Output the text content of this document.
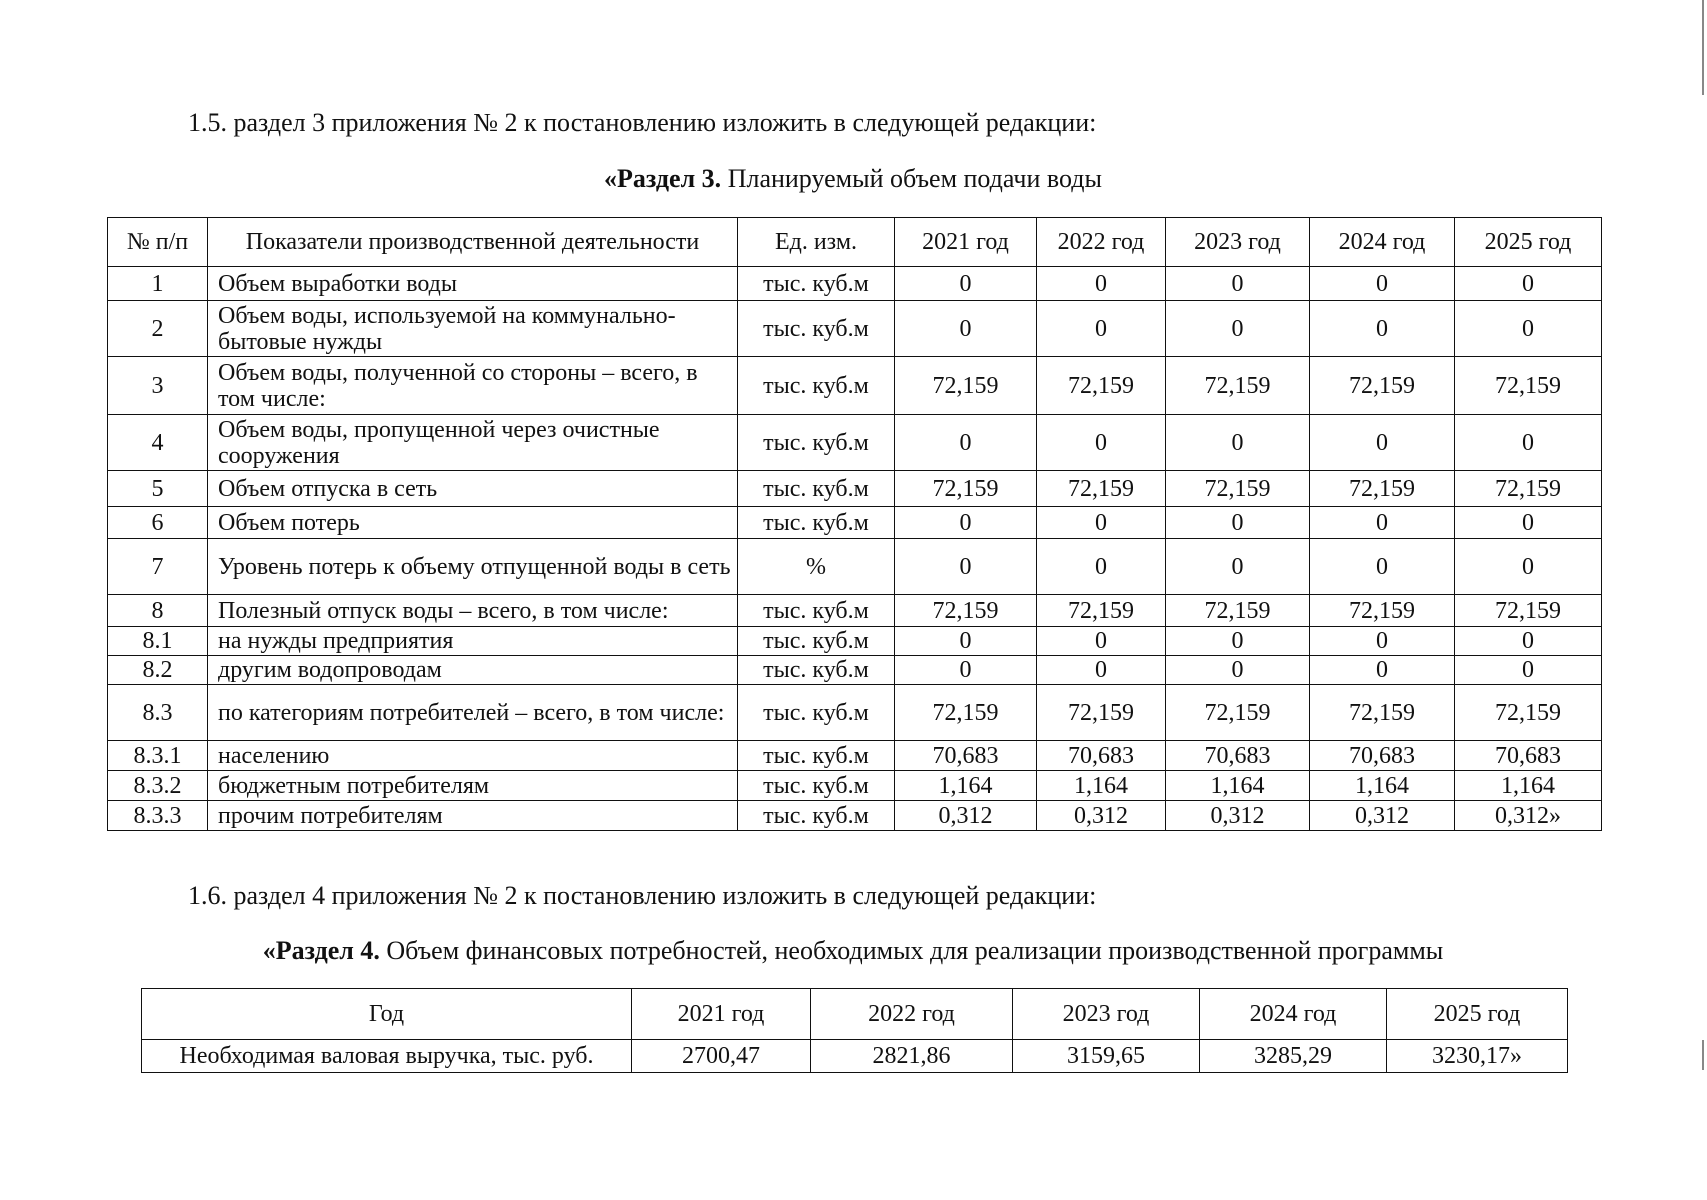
1.5. раздел 3 приложения № 2 к постановлению изложить в следующей редакции:
«Раздел 3. Планируемый объем подачи воды
№ п/п	Показатели производственной деятельности	Ед. изм.	2021 год	2022 год	2023 год	2024 год	2025 год
1	Объем выработки воды	тыс. куб.м	0	0	0	0	0
2	Объем воды, используемой на коммунально-бытовые нужды	тыс. куб.м	0	0	0	0	0
3	Объем воды, полученной со стороны – всего, в том числе:	тыс. куб.м	72,159	72,159	72,159	72,159	72,159
4	Объем воды, пропущенной через очистные сооружения	тыс. куб.м	0	0	0	0	0
5	Объем отпуска в сеть	тыс. куб.м	72,159	72,159	72,159	72,159	72,159
6	Объем потерь	тыс. куб.м	0	0	0	0	0
7	Уровень потерь к объему отпущенной воды в сеть	%	0	0	0	0	0
8	Полезный отпуск воды – всего, в том числе:	тыс. куб.м	72,159	72,159	72,159	72,159	72,159
8.1	на нужды предприятия	тыс. куб.м	0	0	0	0	0
8.2	другим водопроводам	тыс. куб.м	0	0	0	0	0
8.3	по категориям потребителей – всего, в том числе:	тыс. куб.м	72,159	72,159	72,159	72,159	72,159
8.3.1	населению	тыс. куб.м	70,683	70,683	70,683	70,683	70,683
8.3.2	бюджетным потребителям	тыс. куб.м	1,164	1,164	1,164	1,164	1,164
8.3.3	прочим потребителям	тыс. куб.м	0,312	0,312	0,312	0,312	0,312»
1.6. раздел 4 приложения № 2 к постановлению изложить в следующей редакции:
«Раздел 4. Объем финансовых потребностей, необходимых для реализации производственной программы
Год	2021 год	2022 год	2023 год	2024 год	2025 год
Необходимая валовая выручка, тыс. руб.	2700,47	2821,86	3159,65	3285,29	3230,17»
